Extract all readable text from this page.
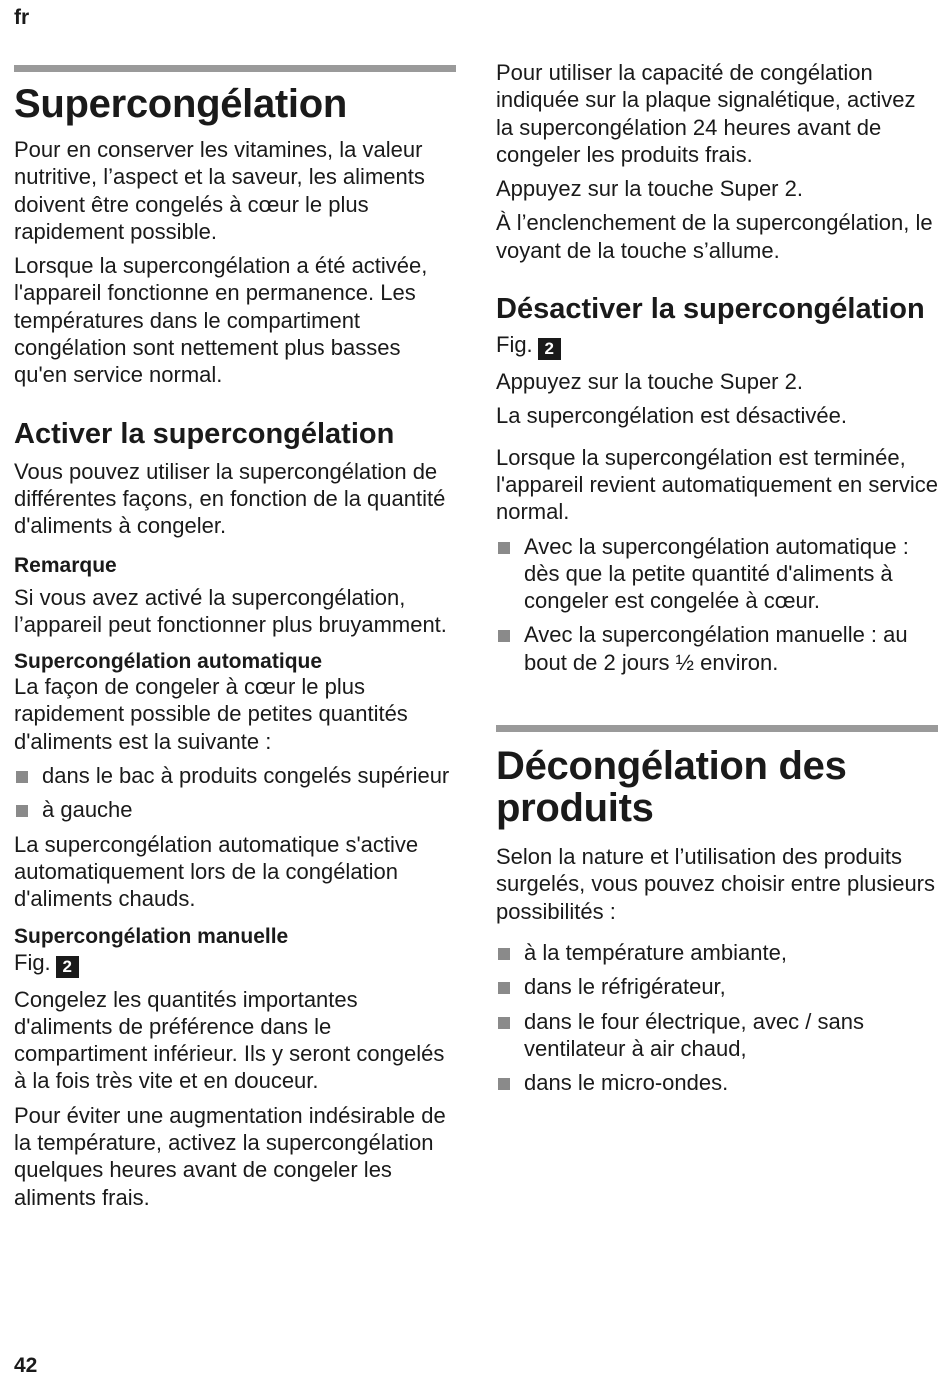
fr
Supercongélation

Pour en conserver les vitamines, la valeur nutritive, l’aspect et la saveur, les aliments doivent être congelés à cœur le plus rapidement possible.

Lorsque la supercongélation a été activée, l'appareil fonctionne en permanence. Les températures dans le compartiment congélation sont nettement plus basses qu'en service normal.

Activer la supercongélation

Vous pouvez utiliser la supercongélation de différentes façons, en fonction de la quantité d'aliments à congeler.

Remarque

Si vous avez activé la supercongélation, l’appareil peut fonctionner plus bruyamment.

Supercongélation automatique

La façon de congeler à cœur le plus rapidement possible de petites quantités d'aliments est la suivante :

dans le bac à produits congelés supérieur
à gauche

La supercongélation automatique s'active automatiquement lors de la congélation d'aliments chauds.

Supercongélation manuelle
Fig. 2

Congelez les quantités importantes d'aliments de préférence dans le compartiment inférieur. Ils y seront congelés à la fois très vite et en douceur.

Pour éviter une augmentation indésirable de la température, activez la supercongélation quelques heures avant de congeler les aliments frais.

Pour utiliser la capacité de congélation indiquée sur la plaque signalétique, activez la supercongélation 24 heures avant de congeler les produits frais.

Appuyez sur la touche Super 2.

À l’enclenchement de la supercongélation, le voyant de la touche s’allume.

Désactiver la supercongélation
Fig. 2

Appuyez sur la touche Super 2.

La supercongélation est désactivée.

Lorsque la supercongélation est terminée, l'appareil revient automatiquement en service normal.

Avec la supercongélation automatique : dès que la petite quantité d'aliments à congeler est congelée à cœur.
Avec la supercongélation manuelle : au bout de 2 jours ½ environ.
Décongélation des produits

Selon la nature et l’utilisation des produits surgelés, vous pouvez choisir entre plusieurs possibilités :

à la température ambiante,
dans le réfrigérateur,
dans le four électrique, avec / sans ventilateur à air chaud,
dans le micro-ondes.
42
